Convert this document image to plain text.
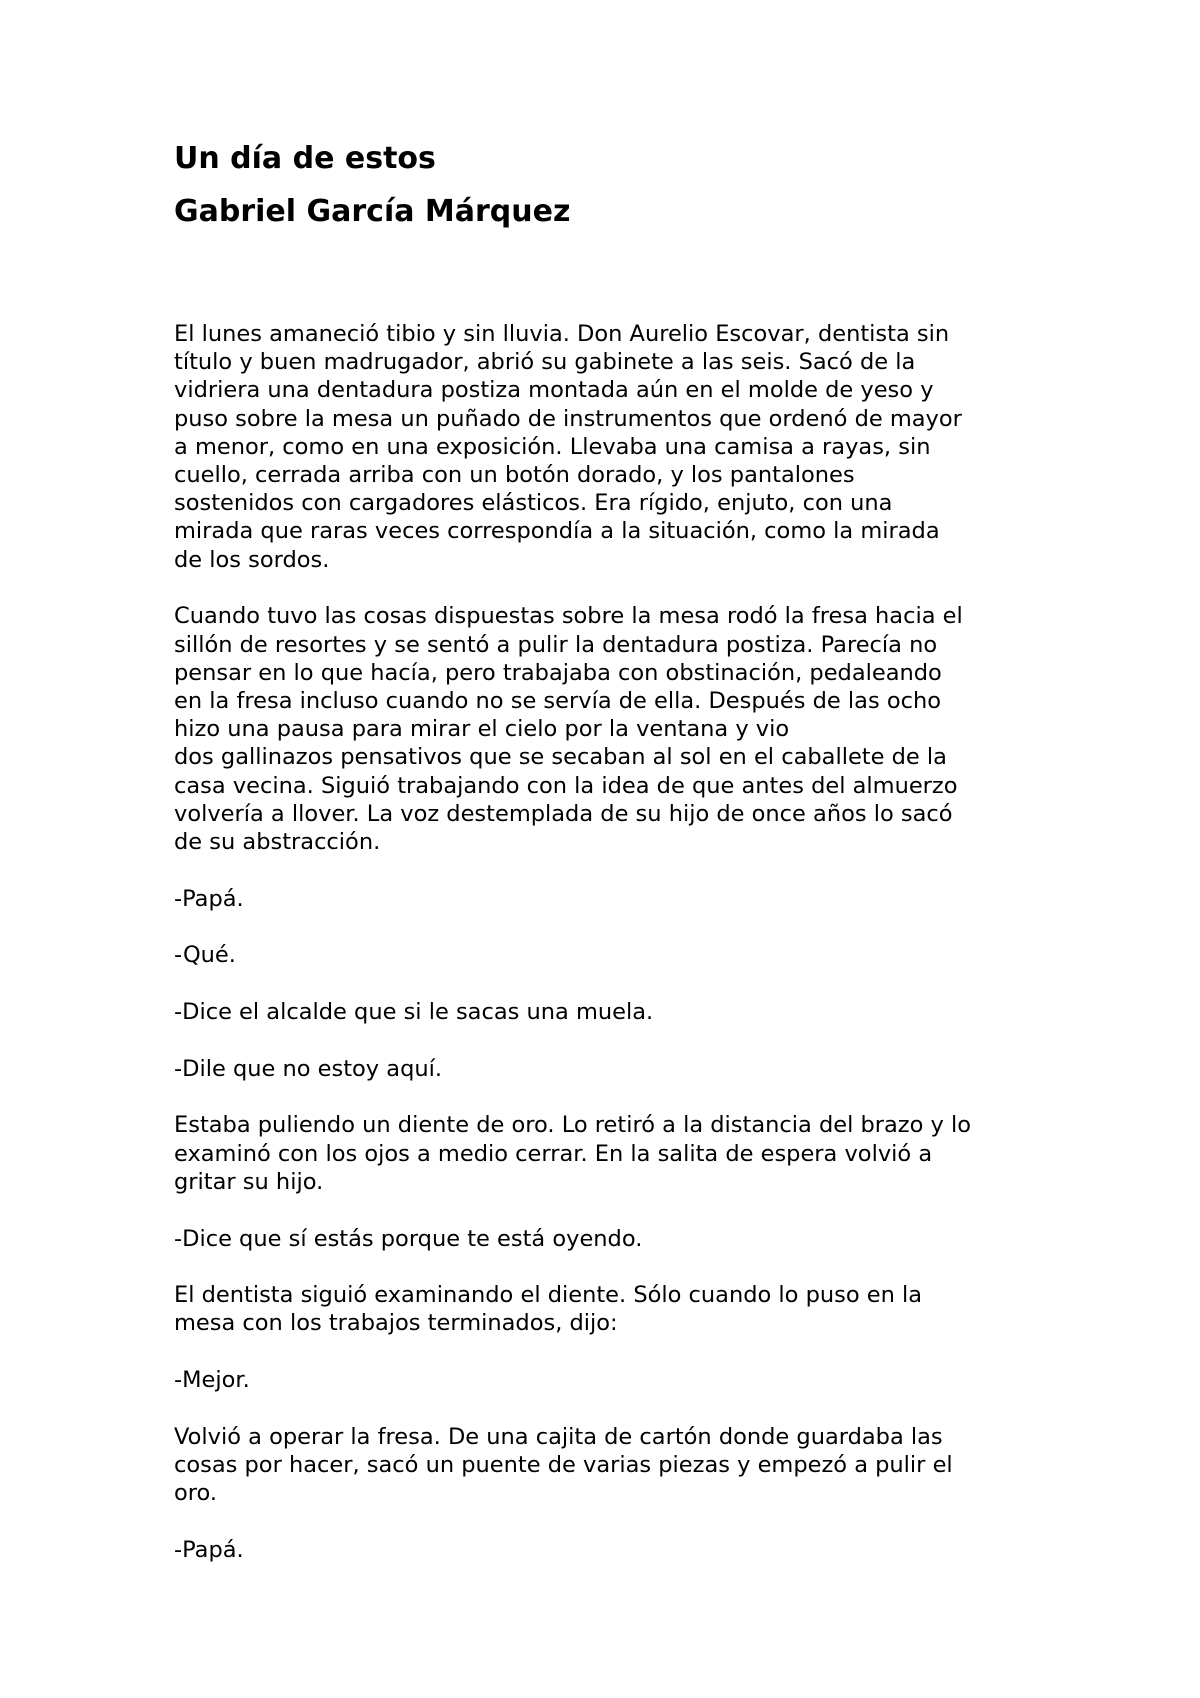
Un día de estos
Gabriel García Márquez

El lunes amaneció tibio y sin lluvia. Don Aurelio Escovar, dentista sin
título y buen madrugador, abrió su gabinete a las seis. Sacó de la
vidriera una dentadura postiza montada aún en el molde de yeso y
puso sobre la mesa un puñado de instrumentos que ordenó de mayor
a menor, como en una exposición. Llevaba una camisa a rayas, sin
cuello, cerrada arriba con un botón dorado, y los pantalones
sostenidos con cargadores elásticos. Era rígido, enjuto, con una
mirada que raras veces correspondía a la situación, como la mirada
de los sordos.

Cuando tuvo las cosas dispuestas sobre la mesa rodó la fresa hacia el
sillón de resortes y se sentó a pulir la dentadura postiza. Parecía no
pensar en lo que hacía, pero trabajaba con obstinación, pedaleando
en la fresa incluso cuando no se servía de ella. Después de las ocho
hizo una pausa para mirar el cielo por la ventana y vio
dos gallinazos pensativos que se secaban al sol en el caballete de la
casa vecina. Siguió trabajando con la idea de que antes del almuerzo
volvería a llover. La voz destemplada de su hijo de once años lo sacó
de su abstracción.

-Papá.

-Qué.

-Dice el alcalde que si le sacas una muela.

-Dile que no estoy aquí.

Estaba puliendo un diente de oro. Lo retiró a la distancia del brazo y lo
examinó con los ojos a medio cerrar. En la salita de espera volvió a
gritar su hijo.

-Dice que sí estás porque te está oyendo.

El dentista siguió examinando el diente. Sólo cuando lo puso en la
mesa con los trabajos terminados, dijo:

-Mejor.

Volvió a operar la fresa. De una cajita de cartón donde guardaba las
cosas por hacer, sacó un puente de varias piezas y empezó a pulir el
oro.

-Papá.
